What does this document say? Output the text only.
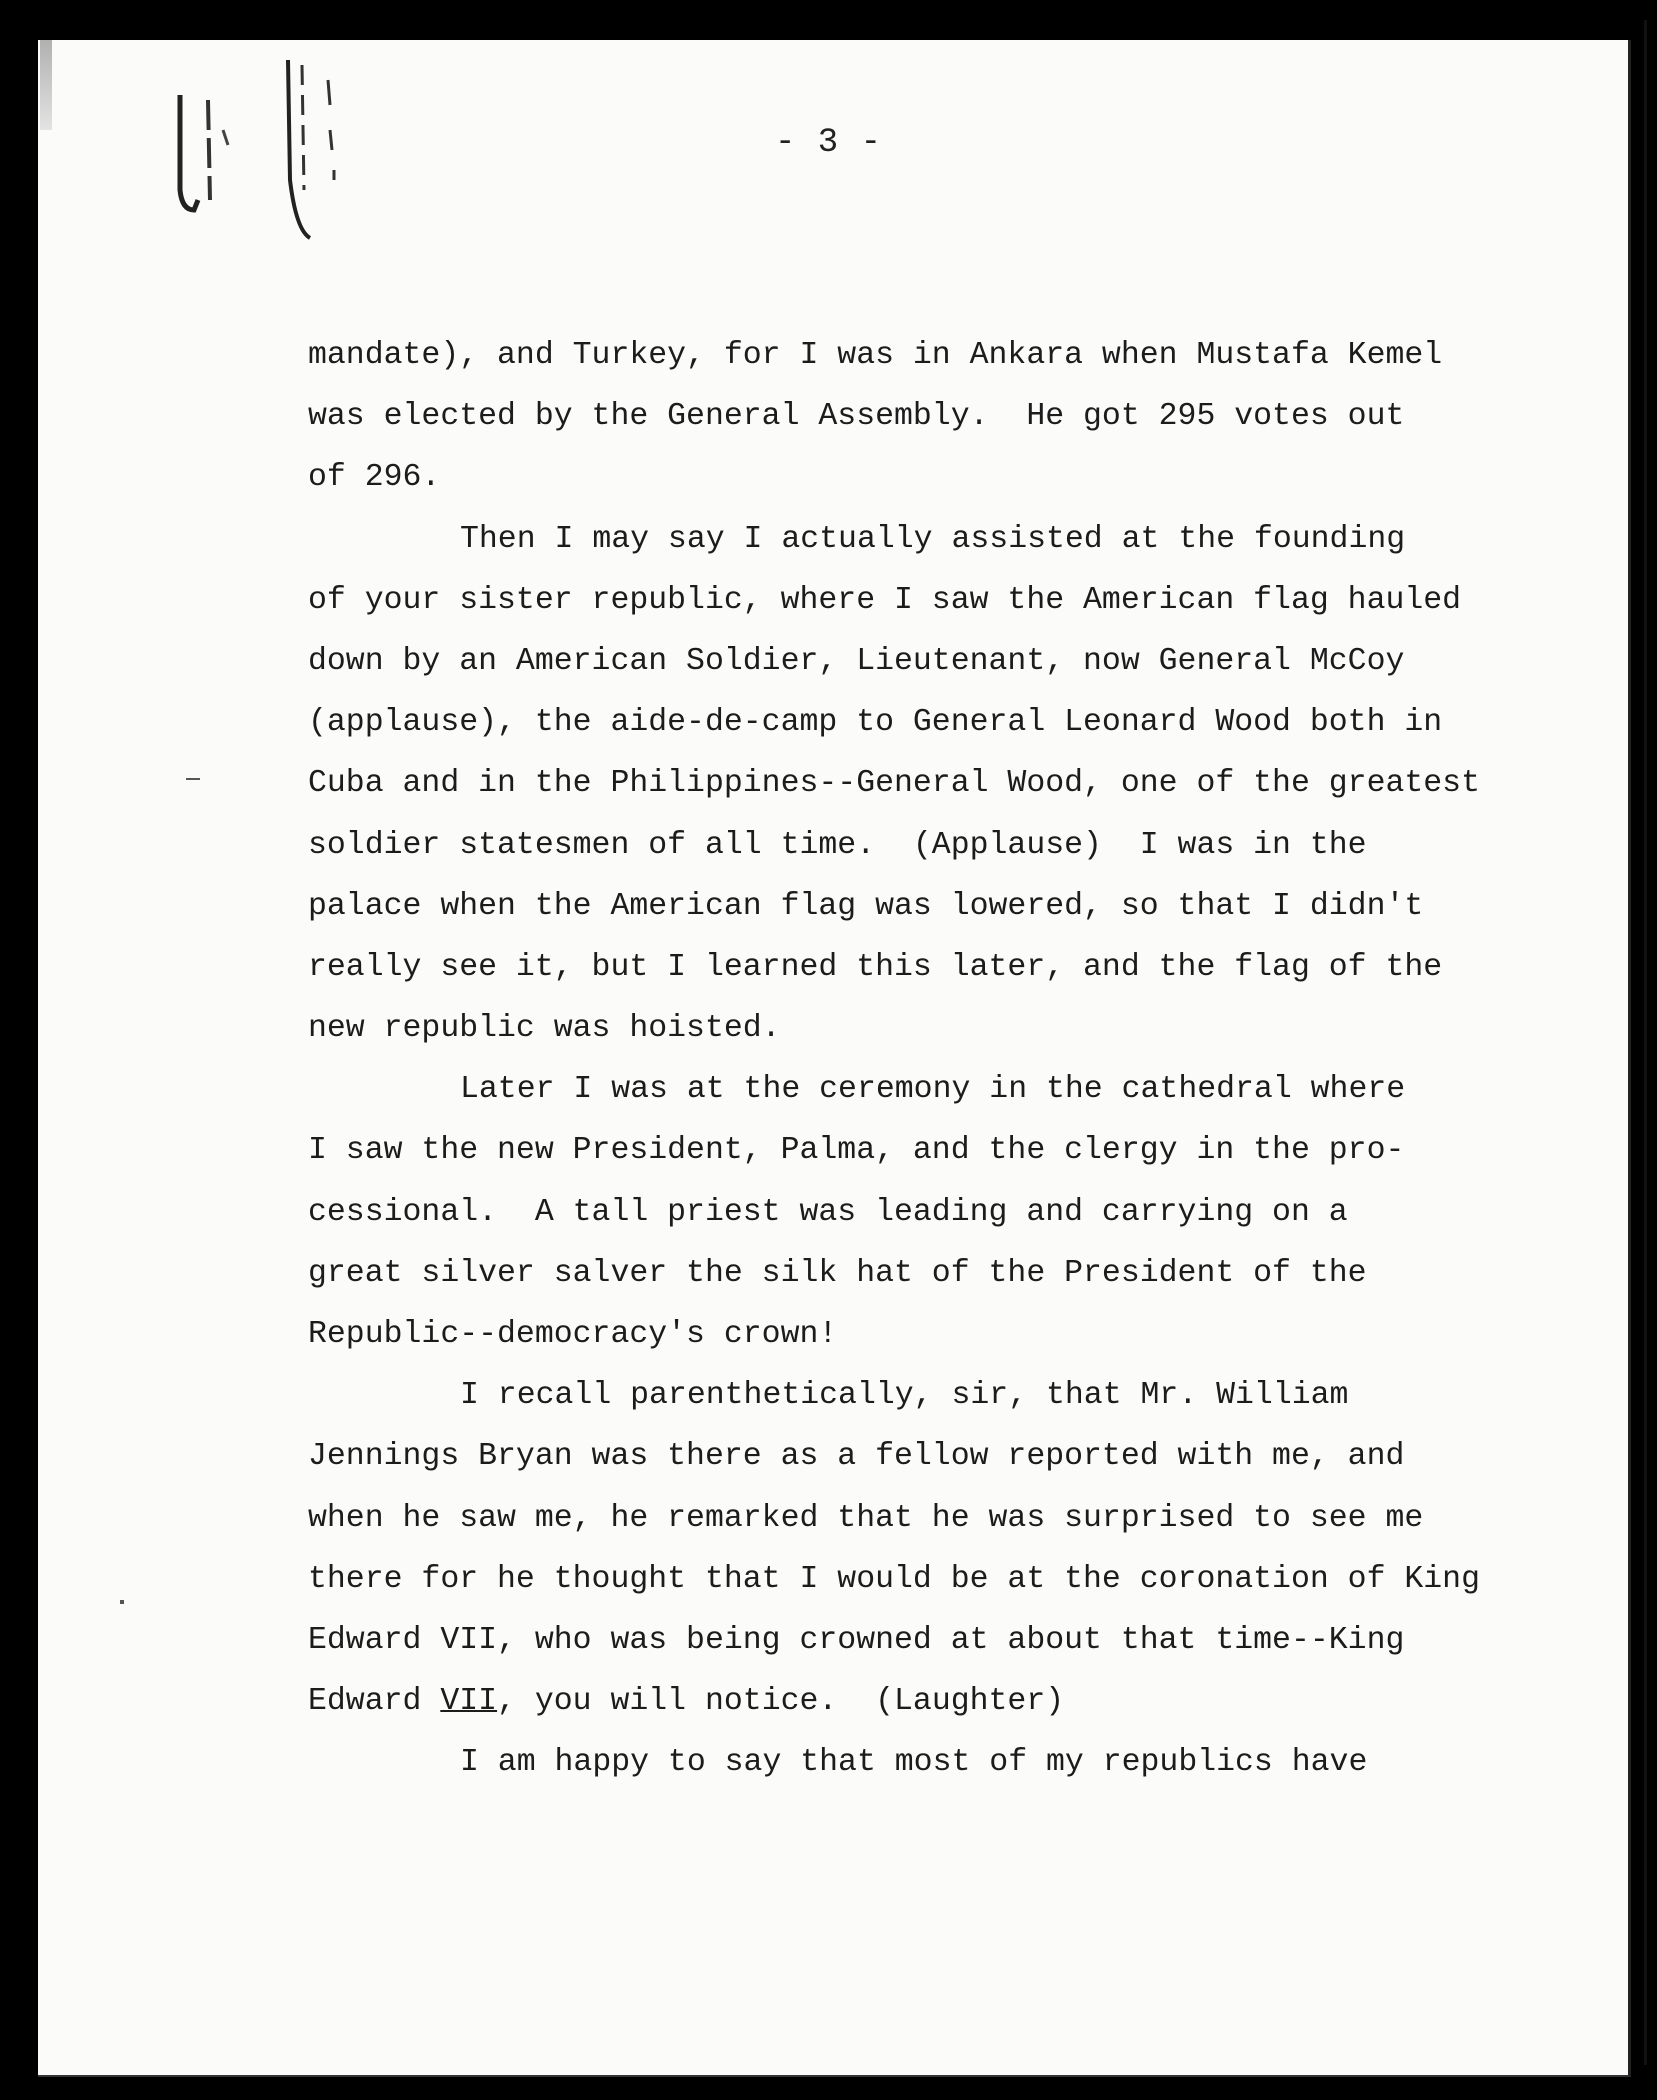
- 3 -
mandate), and Turkey, for I was in Ankara when Mustafa Kemel
was elected by the General Assembly.  He got 295 votes out
of 296.
Then I may say I actually assisted at the founding
of your sister republic, where I saw the American flag hauled
down by an American Soldier, Lieutenant, now General McCoy
(applause), the aide-de-camp to General Leonard Wood both in
Cuba and in the Philippines--General Wood, one of the greatest
soldier statesmen of all time.  (Applause)  I was in the
palace when the American flag was lowered, so that I didn't
really see it, but I learned this later, and the flag of the
new republic was hoisted.
Later I was at the ceremony in the cathedral where
I saw the new President, Palma, and the clergy in the pro-
cessional.  A tall priest was leading and carrying on a
great silver salver the silk hat of the President of the
Republic--democracy's crown!
I recall parenthetically, sir, that Mr. William
Jennings Bryan was there as a fellow reported with me, and
when he saw me, he remarked that he was surprised to see me
there for he thought that I would be at the coronation of King
Edward VII, who was being crowned at about that time--King
Edward VII, you will notice.  (Laughter)
I am happy to say that most of my republics have
